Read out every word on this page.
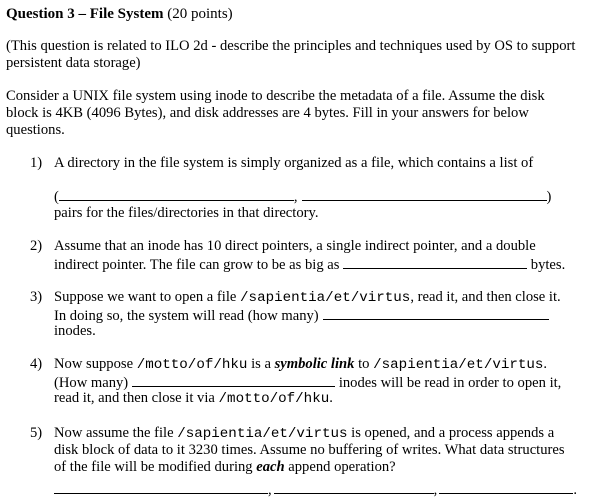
Question 3 – File System (20 points)
(This question is related to ILO 2d - describe the principles and techniques used by OS to support
persistent data storage)
Consider a UNIX file system using inode to describe the metadata of a file. Assume the disk
block is 4KB (4096 Bytes), and disk addresses are 4 bytes. Fill in your answers for below
questions.
1) A directory in the file system is simply organized as a file, which contains a list of
(	,	)
pairs for the files/directories in that directory.
2) Assume that an inode has 10 direct pointers, a single indirect pointer, and a double
indirect pointer. The file can grow to be as big as	bytes.
3) Suppose we want to open a file /sapientia/et/virtus, read it, and then close it.
In doing so, the system will read (how many)
inodes.
4) Now suppose /motto/of/hku is a symbolic link to /sapientia/et/virtus.
(How many)	inodes will be read in order to open it,
read it, and then close it via /motto/of/hku.
5) Now assume the file /sapientia/et/virtus is opened, and a process appends a
disk block of data to it 3230 times. Assume no buffering of writes. What data structures
of the file will be modified during each append operation?
,	,	.
